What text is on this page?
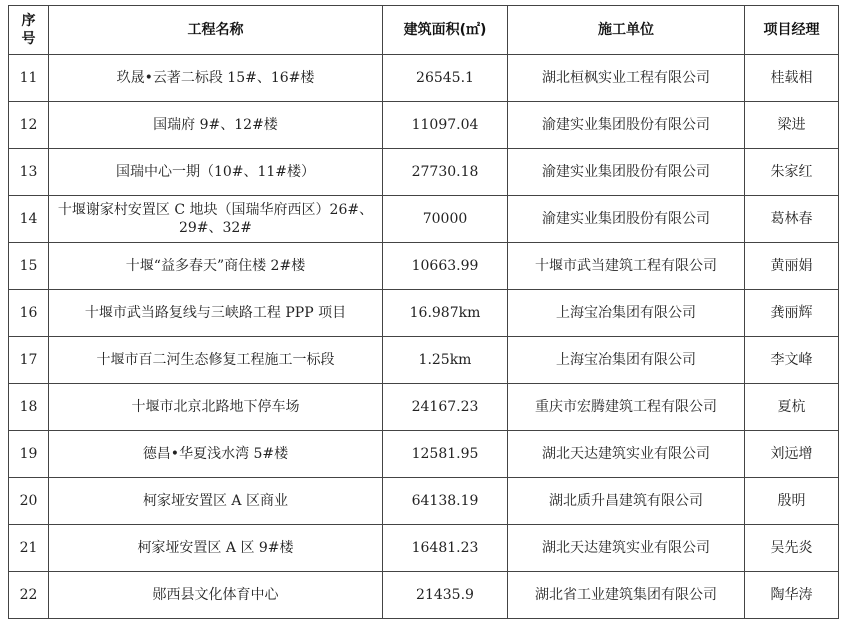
序号	工程名称	建筑面积(㎡)	施工单位	项目经理
11	玖晟•云著二标段 15#、16#楼	26545.1	湖北桓枫实业工程有限公司	桂载相
12	国瑞府 9#、12#楼	11097.04	渝建实业集团股份有限公司	梁进
13	国瑞中心一期（10#、11#楼）	27730.18	渝建实业集团股份有限公司	朱家红
14	十堰谢家村安置区 C 地块（国瑞华府西区）26#、29#、32#	70000	渝建实业集团股份有限公司	葛林春
15	十堰“益多春天”商住楼 2#楼	10663.99	十堰市武当建筑工程有限公司	黄丽娟
16	十堰市武当路复线与三峡路工程 PPP 项目	16.987km	上海宝冶集团有限公司	龚丽辉
17	十堰市百二河生态修复工程施工一标段	1.25km	上海宝冶集团有限公司	李文峰
18	十堰市北京北路地下停车场	24167.23	重庆市宏腾建筑工程有限公司	夏杭
19	德昌•华夏浅水湾 5#楼	12581.95	湖北天达建筑实业有限公司	刘远增
20	柯家垭安置区 A 区商业	64138.19	湖北质升昌建筑有限公司	殷明
21	柯家垭安置区 A 区 9#楼	16481.23	湖北天达建筑实业有限公司	吴先炎
22	郧西县文化体育中心	21435.9	湖北省工业建筑集团有限公司	陶华涛
